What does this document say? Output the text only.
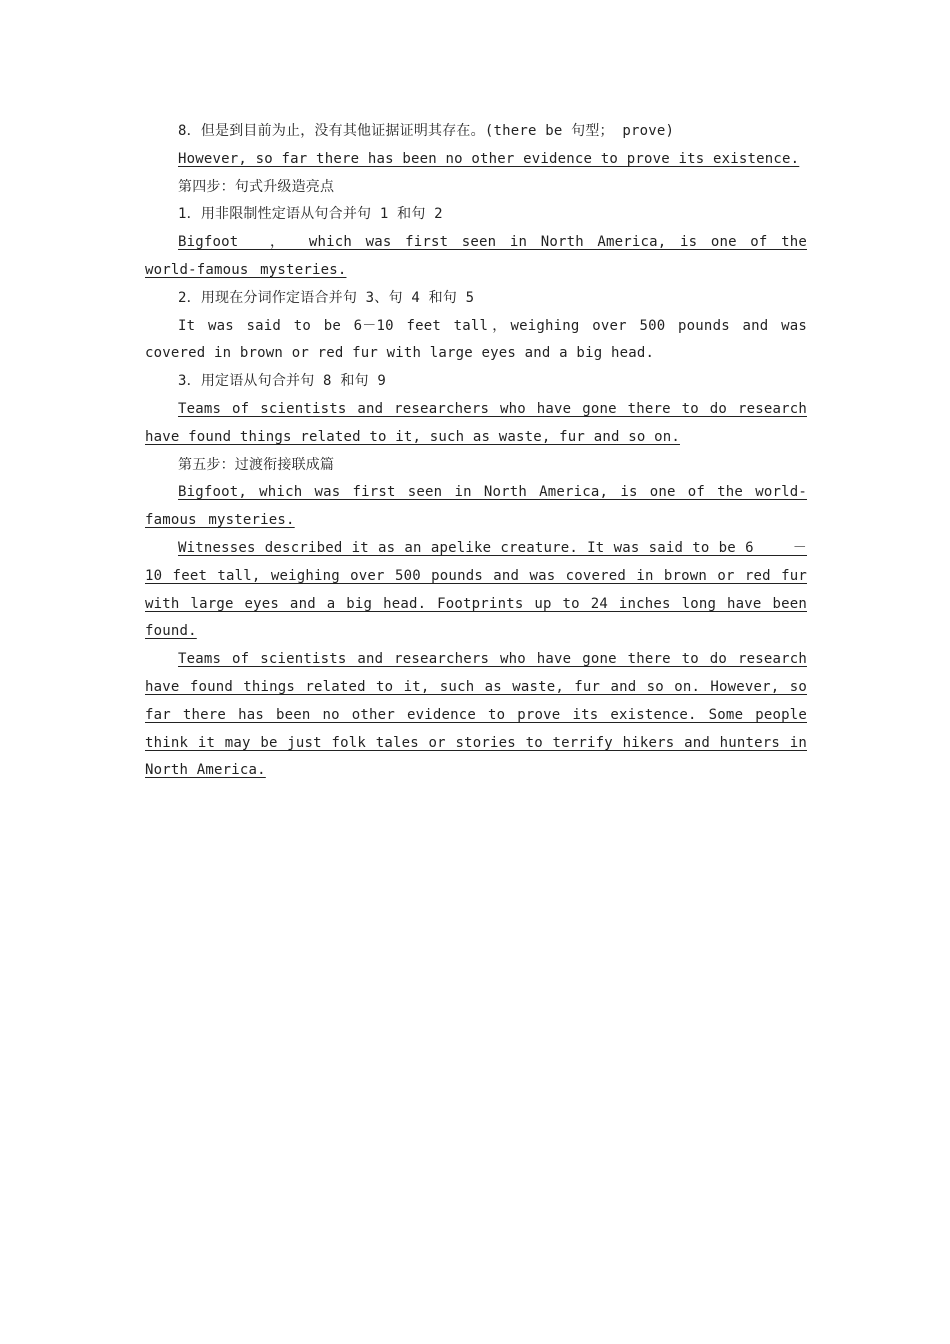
8．但是到目前为止，没有其他证据证明其存在。(there be 句型； prove)

However, so far there has been no other evidence to prove its existence.

第四步：句式升级造亮点

1．用非限制性定语从句合并句 1 和句 2

Bigfoot　 ，　 which was first seen in North America, is one of the world-famous mysteries.

2．用现在分词作定语合并句 3、句 4 和句 5

It was said to be 6－10 feet tall，weighing over 500 pounds and was covered in brown or red fur with large eyes and a big head.

3．用定语从句合并句 8 和句 9

Teams of scientists and researchers who have gone there to do research have found things related to it, such as waste, fur and so on.

第五步：过渡衔接联成篇

Bigfoot, which was first seen in North America, is one of the world-famous mysteries.

Witnesses described it as an apelike creature. It was said to be 6　　 －10 feet tall, weighing over 500 pounds and was covered in brown or red fur with large eyes and a big head. Footprints up to 24 inches long have been found.

Teams of scientists and researchers who have gone there to do research have found things related to it, such as waste, fur and so on. However, so far there has been no other evidence to prove its existence. Some people think it may be just folk tales or stories to terrify hikers and hunters in North America.
